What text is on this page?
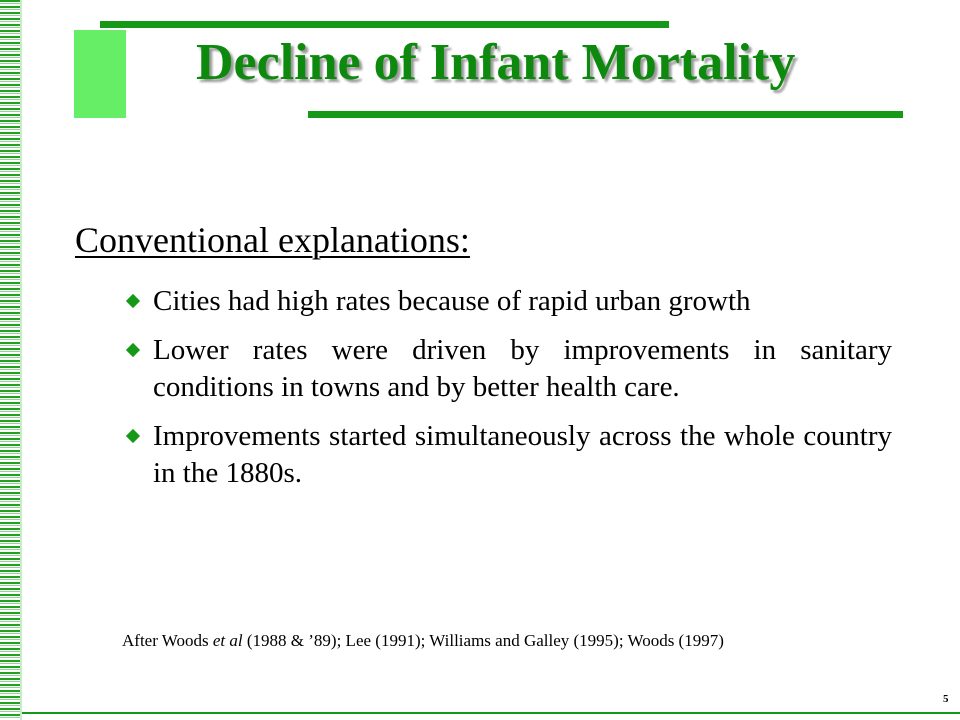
Decline of Infant Mortality
Conventional explanations:
Cities had high rates because of rapid urban growth
Lower rates were driven by improvements in sanitary conditions in towns and by better health care.
Improvements started simultaneously across the whole country in the 1880s.

After Woods et al (1988 & ’89); Lee (1991); Williams and Galley (1995); Woods (1997)

5
